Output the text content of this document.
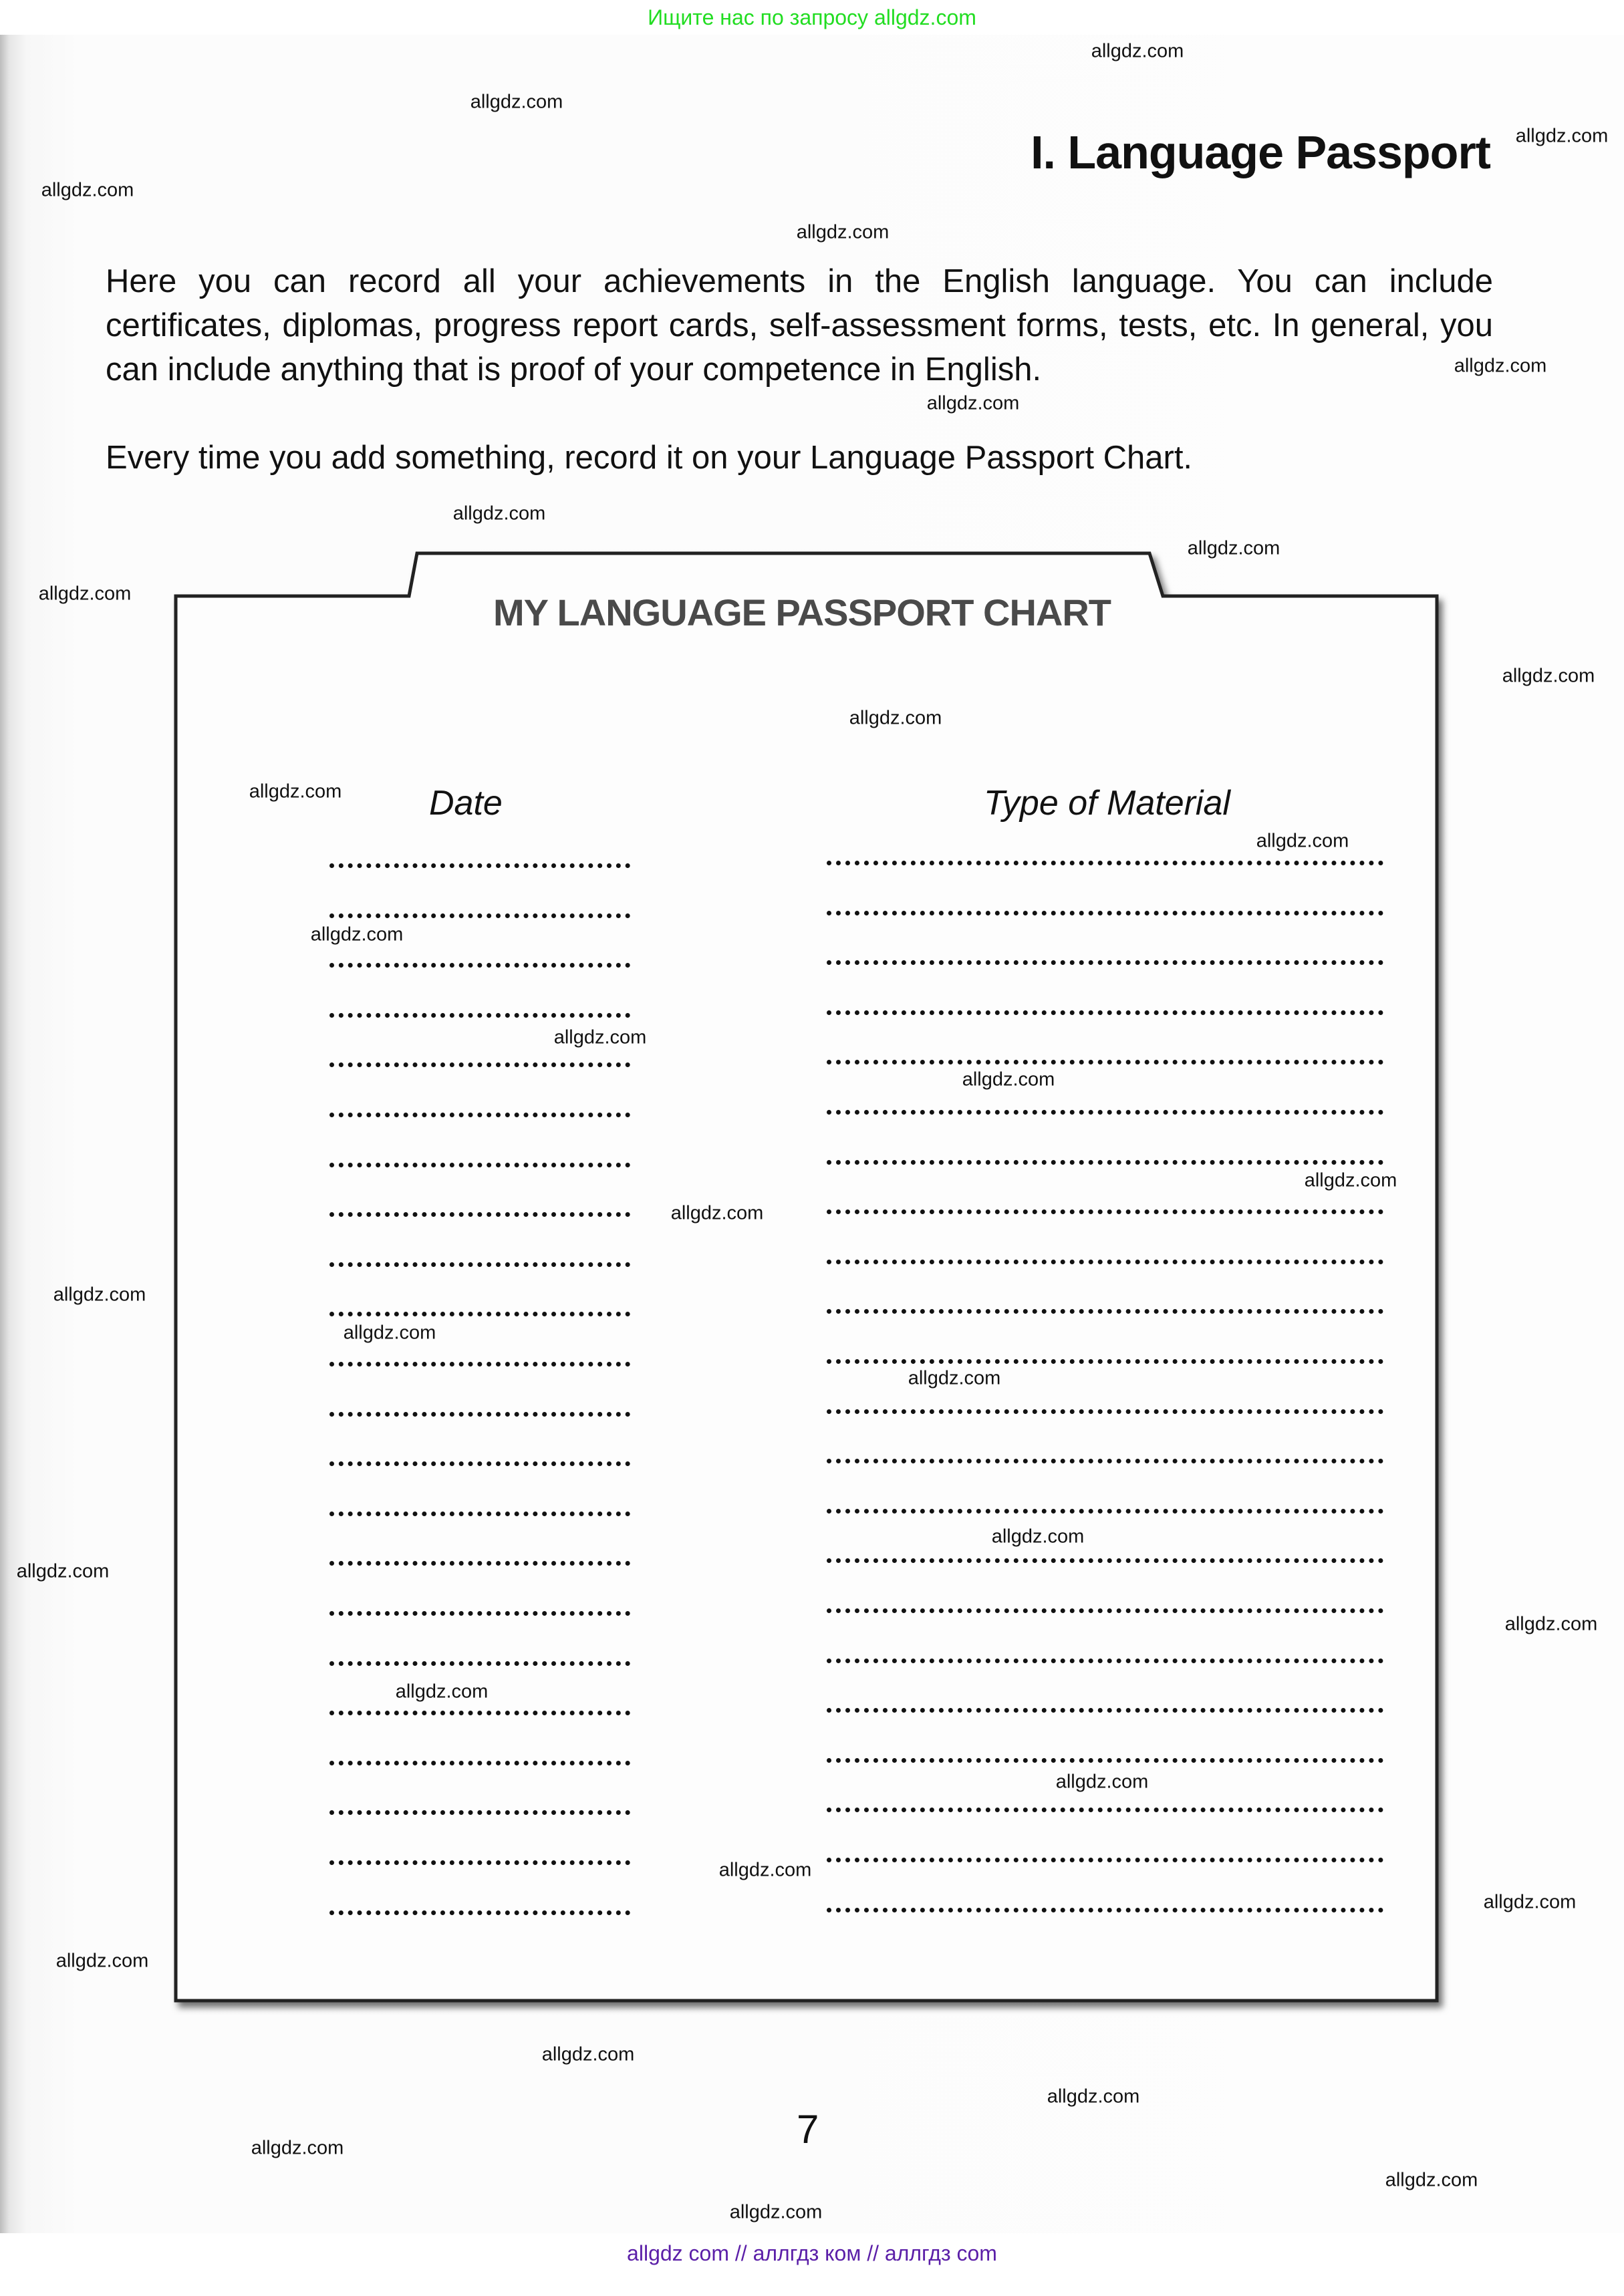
Ищите нас по запросу allgdz.com
I. Language Passport

Here you can record all your achievements in the English language. You can include certificates, diplomas, progress report cards, self-assessment forms, tests, etc. In general, you can include anything that is proof of your competence in English.

Every time you add something, record it on your Language Passport Chart.

MY LANGUAGE PASSPORT CHART
Date	Type of Material
7
allgdz.com
allgdz.com
allgdz.com
allgdz.com
allgdz.com
allgdz.com
allgdz.com
allgdz.com
allgdz.com
allgdz.com
allgdz.com
allgdz.com
allgdz.com
allgdz.com
allgdz.com
allgdz.com
allgdz.com
allgdz.com
allgdz.com
allgdz.com
allgdz.com
allgdz.com
allgdz.com
allgdz.com
allgdz.com
allgdz.com
allgdz.com
allgdz.com
allgdz.com
allgdz.com
allgdz.com
allgdz.com
allgdz.com
allgdz.com
allgdz.com
allgdz com // аллгдз ком // аллгдз com
